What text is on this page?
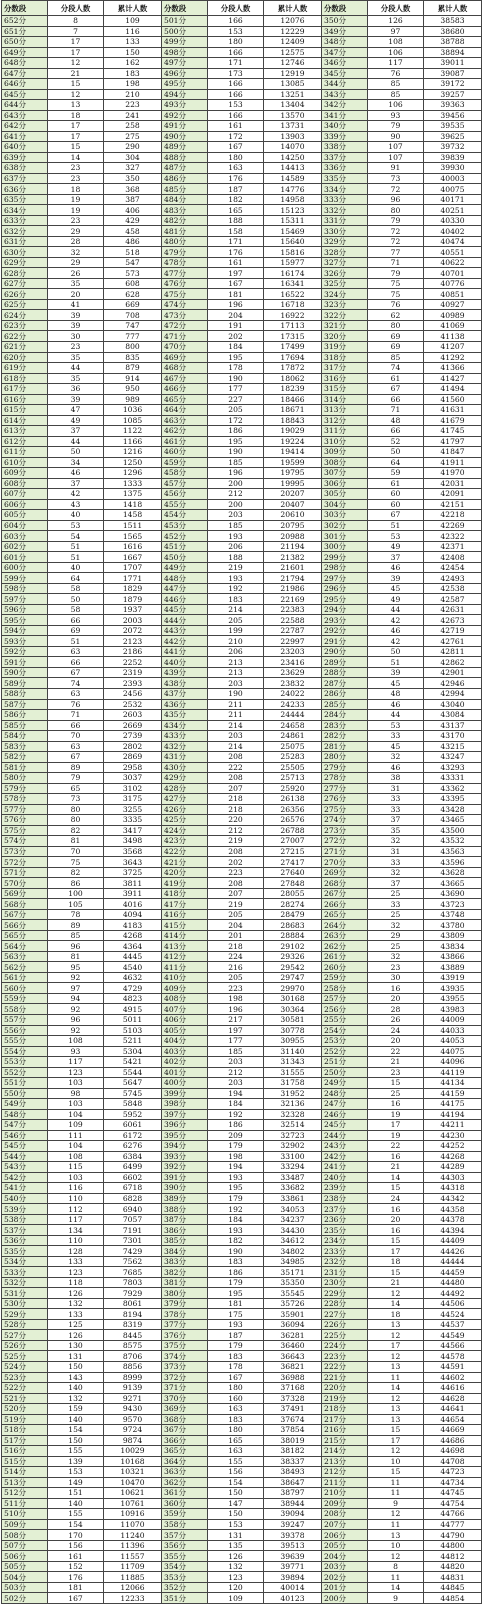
分数段	分段人数	累计人数	分数段	分段人数	累计人数	分数段	分段人数	累计人数
652分	8	109	501分	166	12076	350分	126	38583
651分	7	116	500分	153	12229	349分	97	38680
650分	17	133	499分	180	12409	348分	108	38788
649分	17	150	498分	166	12575	347分	106	38894
648分	12	162	497分	171	12746	346分	117	39011
647分	21	183	496分	173	12919	345分	76	39087
646分	15	198	495分	166	13085	344分	85	39172
645分	12	210	494分	166	13251	343分	85	39257
644分	13	223	493分	153	13404	342分	106	39363
643分	18	241	492分	166	13570	341分	93	39456
642分	17	258	491分	161	13731	340分	79	39535
641分	17	275	490分	172	13903	339分	90	39625
640分	15	290	489分	167	14070	338分	107	39732
639分	14	304	488分	180	14250	337分	107	39839
638分	23	327	487分	163	14413	336分	91	39930
637分	23	350	486分	176	14589	335分	73	40003
636分	18	368	485分	187	14776	334分	72	40075
635分	19	387	484分	182	14958	333分	96	40171
634分	19	406	483分	165	15123	332分	80	40251
633分	23	429	482分	188	15311	331分	79	40330
632分	29	458	481分	158	15469	330分	72	40402
631分	28	486	480分	171	15640	329分	72	40474
630分	32	518	479分	176	15816	328分	77	40551
629分	29	547	478分	161	15977	327分	71	40622
628分	26	573	477分	197	16174	326分	79	40701
627分	35	608	476分	167	16341	325分	75	40776
626分	20	628	475分	181	16522	324分	75	40851
625分	41	669	474分	196	16718	323分	76	40927
624分	39	708	473分	204	16922	322分	62	40989
623分	39	747	472分	191	17113	321分	80	41069
622分	30	777	471分	202	17315	320分	69	41138
621分	23	800	470分	184	17499	319分	69	41207
620分	35	835	469分	195	17694	318分	85	41292
619分	44	879	468分	178	17872	317分	74	41366
618分	35	914	467分	190	18062	316分	61	41427
617分	36	950	466分	177	18239	315分	67	41494
616分	39	989	465分	227	18466	314分	66	41560
615分	47	1036	464分	205	18671	313分	71	41631
614分	49	1085	463分	172	18843	312分	48	41679
613分	37	1122	462分	186	19029	311分	66	41745
612分	44	1166	461分	195	19224	310分	52	41797
611分	50	1216	460分	190	19414	309分	50	41847
610分	34	1250	459分	185	19599	308分	64	41911
609分	46	1296	458分	196	19795	307分	59	41970
608分	37	1333	457分	200	19995	306分	61	42031
607分	42	1375	456分	212	20207	305分	60	42091
606分	43	1418	455分	200	20407	304分	60	42151
605分	40	1458	454分	203	20610	303分	67	42218
604分	53	1511	453分	185	20795	302分	51	42269
603分	54	1565	452分	193	20988	301分	53	42322
602分	51	1616	451分	206	21194	300分	49	42371
601分	51	1667	450分	188	21382	299分	37	42408
600分	40	1707	449分	219	21601	298分	46	42454
599分	64	1771	448分	193	21794	297分	39	42493
598分	58	1829	447分	192	21986	296分	45	42538
597分	50	1879	446分	183	22169	295分	49	42587
596分	58	1937	445分	214	22383	294分	44	42631
595分	66	2003	444分	205	22588	293分	42	42673
594分	69	2072	443分	199	22787	292分	46	42719
593分	51	2123	442分	210	22997	291分	42	42761
592分	63	2186	441分	206	23203	290分	50	42811
591分	66	2252	440分	213	23416	289分	51	42862
590分	67	2319	439分	213	23629	288分	39	42901
589分	74	2393	438分	203	23832	287分	45	42946
588分	63	2456	437分	190	24022	286分	48	42994
587分	76	2532	436分	211	24233	285分	46	43040
586分	71	2603	435分	211	24444	284分	44	43084
585分	66	2669	434分	214	24658	283分	53	43137
584分	70	2739	433分	203	24861	282分	33	43170
583分	63	2802	432分	214	25075	281分	45	43215
582分	67	2869	431分	208	25283	280分	32	43247
581分	89	2958	430分	222	25505	279分	46	43293
580分	79	3037	429分	208	25713	278分	38	43331
579分	65	3102	428分	207	25920	277分	31	43362
578分	73	3175	427分	218	26138	276分	33	43395
577分	80	3255	426分	218	26356	275分	33	43428
576分	80	3335	425分	220	26576	274分	37	43465
575分	82	3417	424分	212	26788	273分	35	43500
574分	81	3498	423分	219	27007	272分	32	43532
573分	70	3568	422分	208	27215	271分	31	43563
572分	75	3643	421分	202	27417	270分	33	43596
571分	82	3725	420分	223	27640	269分	32	43628
570分	86	3811	419分	208	27848	268分	37	43665
569分	100	3911	418分	207	28055	267分	25	43690
568分	105	4016	417分	219	28274	266分	33	43723
567分	78	4094	416分	205	28479	265分	25	43748
566分	89	4183	415分	204	28683	264分	32	43780
565分	85	4268	414分	201	28884	263分	29	43809
564分	96	4364	413分	218	29102	262分	25	43834
563分	81	4445	412分	224	29326	261分	32	43866
562分	95	4540	411分	216	29542	260分	23	43889
561分	92	4632	410分	205	29747	259分	30	43919
560分	97	4729	409分	223	29970	258分	16	43935
559分	94	4823	408分	198	30168	257分	20	43955
558分	92	4915	407分	196	30364	256分	28	43983
557分	96	5011	406分	217	30581	255分	26	44009
556分	92	5103	405分	197	30778	254分	24	44033
555分	108	5211	404分	177	30955	253分	20	44053
554分	93	5304	403分	185	31140	252分	22	44075
553分	117	5421	402分	203	31343	251分	21	44096
552分	123	5544	401分	212	31555	250分	23	44119
551分	103	5647	400分	203	31758	249分	15	44134
550分	98	5745	399分	194	31952	248分	25	44159
549分	103	5848	398分	184	32136	247分	16	44175
548分	104	5952	397分	192	32328	246分	19	44194
547分	109	6061	396分	186	32514	245分	17	44211
546分	111	6172	395分	209	32723	244分	19	44230
545分	104	6276	394分	179	32902	243分	22	44252
544分	108	6384	393分	198	33100	242分	16	44268
543分	115	6499	392分	194	33294	241分	21	44289
542分	103	6602	391分	193	33487	240分	14	44303
541分	116	6718	390分	195	33682	239分	15	44318
540分	110	6828	389分	179	33861	238分	24	44342
539分	112	6940	388分	192	34053	237分	16	44358
538分	117	7057	387分	184	34237	236分	20	44378
537分	134	7191	386分	193	34430	235分	16	44394
536分	110	7301	385分	182	34612	234分	15	44409
535分	128	7429	384分	190	34802	233分	17	44426
534分	133	7562	383分	183	34985	232分	18	44444
533分	123	7685	382分	186	35171	231分	15	44459
532分	118	7803	381分	179	35350	230分	21	44480
531分	126	7929	380分	195	35545	229分	12	44492
530分	132	8061	379分	181	35726	228分	14	44506
529分	133	8194	378分	175	35901	227分	18	44524
528分	125	8319	377分	193	36094	226分	13	44537
527分	126	8445	376分	187	36281	225分	12	44549
526分	130	8575	375分	179	36460	224分	17	44566
525分	131	8706	374分	183	36643	223分	12	44578
524分	150	8856	373分	178	36821	222分	13	44591
523分	143	8999	372分	167	36988	221分	11	44602
522分	140	9139	371分	180	37168	220分	14	44616
521分	132	9271	370分	160	37328	219分	12	44628
520分	159	9430	369分	163	37491	218分	13	44641
519分	140	9570	368分	183	37674	217分	13	44654
518分	154	9724	367分	180	37854	216分	15	44669
517分	150	9874	366分	165	38019	215分	17	44686
516分	155	10029	365分	163	38182	214分	12	44698
515分	139	10168	364分	155	38337	213分	10	44708
514分	153	10321	363分	156	38493	212分	15	44723
513分	149	10470	362分	154	38647	211分	11	44734
512分	151	10621	361分	150	38797	210分	11	44745
511分	140	10761	360分	147	38944	209分	9	44754
510分	155	10916	359分	150	39094	208分	12	44766
509分	154	11070	358分	153	39247	207分	11	44777
508分	170	11240	357分	131	39378	206分	13	44790
507分	156	11396	356分	135	39513	205分	10	44800
506分	161	11557	355分	126	39639	204分	12	44812
505分	152	11709	354分	132	39771	203分	8	44820
504分	176	11885	353分	123	39894	202分	11	44831
503分	181	12066	352分	120	40014	201分	14	44845
502分	167	12233	351分	109	40123	200分	9	44854
